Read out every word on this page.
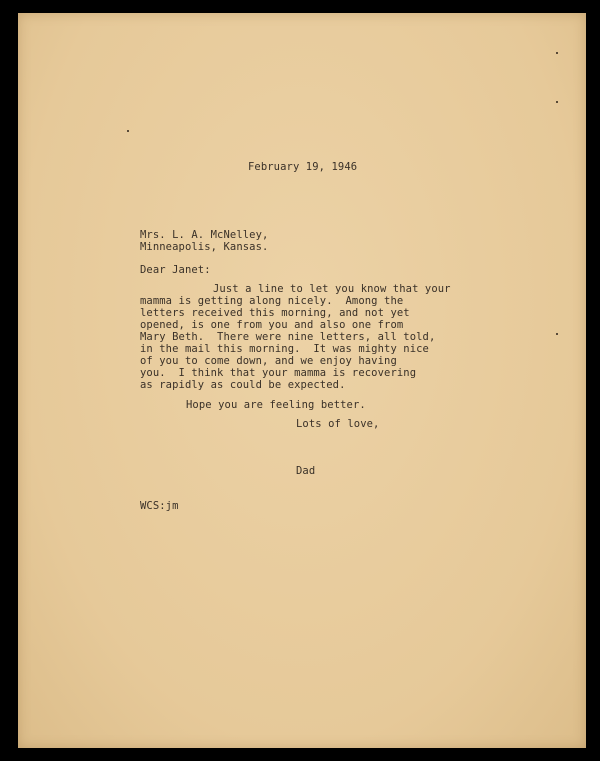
February 19, 1946
Mrs. L. A. McNelley,
Minneapolis, Kansas.
Dear Janet:
Just a line to let you know that your
mamma is getting along nicely.  Among the
letters received this morning, and not yet
opened, is one from you and also one from
Mary Beth.  There were nine letters, all told,
in the mail this morning.  It was mighty nice
of you to come down, and we enjoy having
you.  I think that your mamma is recovering
as rapidly as could be expected.
Hope you are feeling better.
Lots of love,
Dad
WCS:jm
